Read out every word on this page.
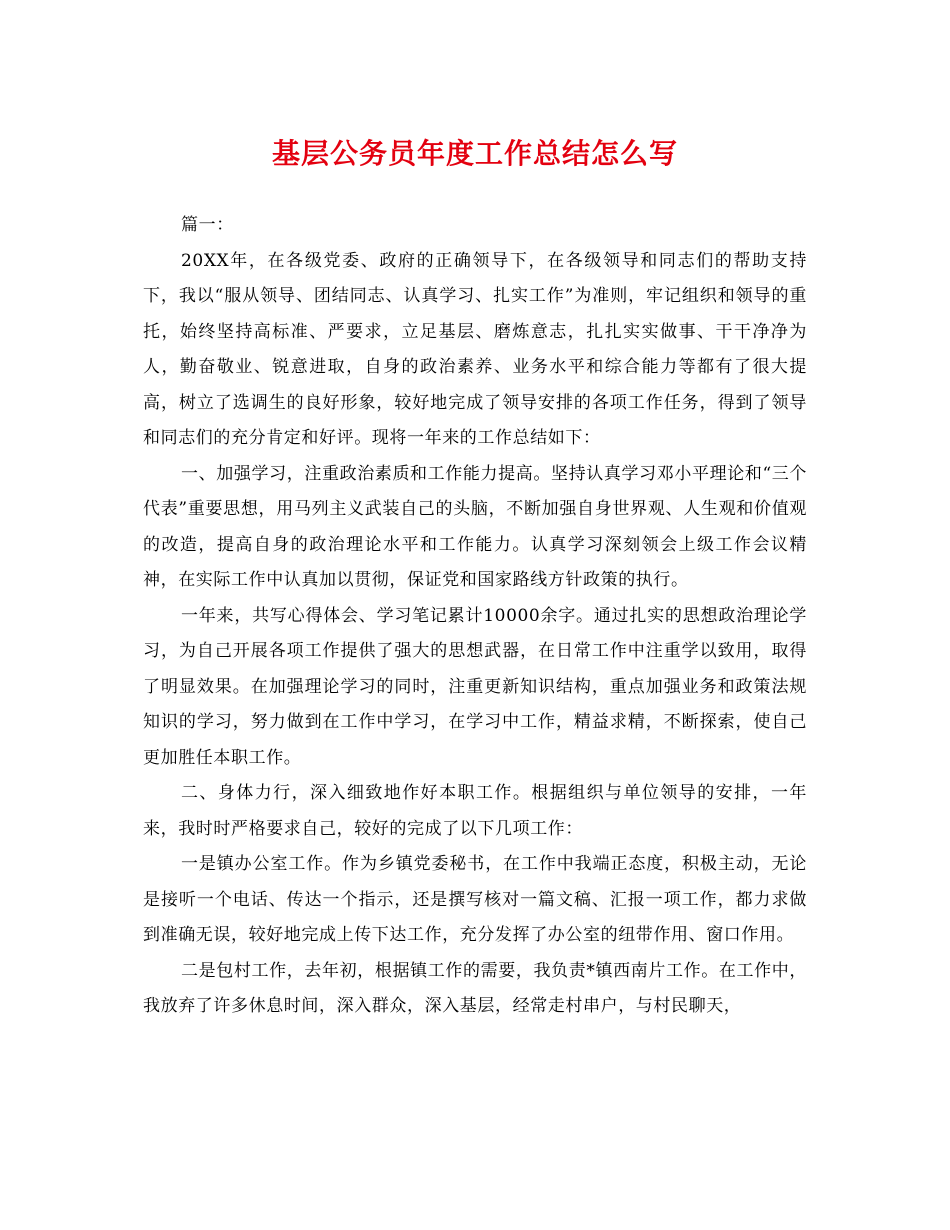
基层公务员年度工作总结怎么写

篇一：

20XX年，在各级党委、政府的正确领导下，在各级领导和同志们的帮助支持下，我以“服从领导、团结同志、认真学习、扎实工作”为准则，牢记组织和领导的重托，始终坚持高标准、严要求，立足基层、磨炼意志，扎扎实实做事、干干净净为人，勤奋敬业、锐意进取，自身的政治素养、业务水平和综合能力等都有了很大提高，树立了选调生的良好形象，较好地完成了领导安排的各项工作任务，得到了领导和同志们的充分肯定和好评。现将一年来的工作总结如下：

一、加强学习，注重政治素质和工作能力提高。坚持认真学习邓小平理论和“三个代表”重要思想，用马列主义武装自己的头脑，不断加强自身世界观、人生观和价值观的改造，提高自身的政治理论水平和工作能力。认真学习深刻领会上级工作会议精神，在实际工作中认真加以贯彻，保证党和国家路线方针政策的执行。

一年来，共写心得体会、学习笔记累计10000余字。通过扎实的思想政治理论学习，为自己开展各项工作提供了强大的思想武器，在日常工作中注重学以致用，取得了明显效果。在加强理论学习的同时，注重更新知识结构，重点加强业务和政策法规知识的学习，努力做到在工作中学习，在学习中工作，精益求精，不断探索，使自己更加胜任本职工作。

二、身体力行，深入细致地作好本职工作。根据组织与单位领导的安排，一年来，我时时严格要求自己，较好的完成了以下几项工作：

一是镇办公室工作。作为乡镇党委秘书，在工作中我端正态度，积极主动，无论是接听一个电话、传达一个指示，还是撰写核对一篇文稿、汇报一项工作，都力求做到准确无误，较好地完成上传下达工作，充分发挥了办公室的纽带作用、窗口作用。

二是包村工作，去年初，根据镇工作的需要，我负责*镇西南片工作。在工作中，我放弃了许多休息时间，深入群众，深入基层，经常走村串户，与村民聊天，
